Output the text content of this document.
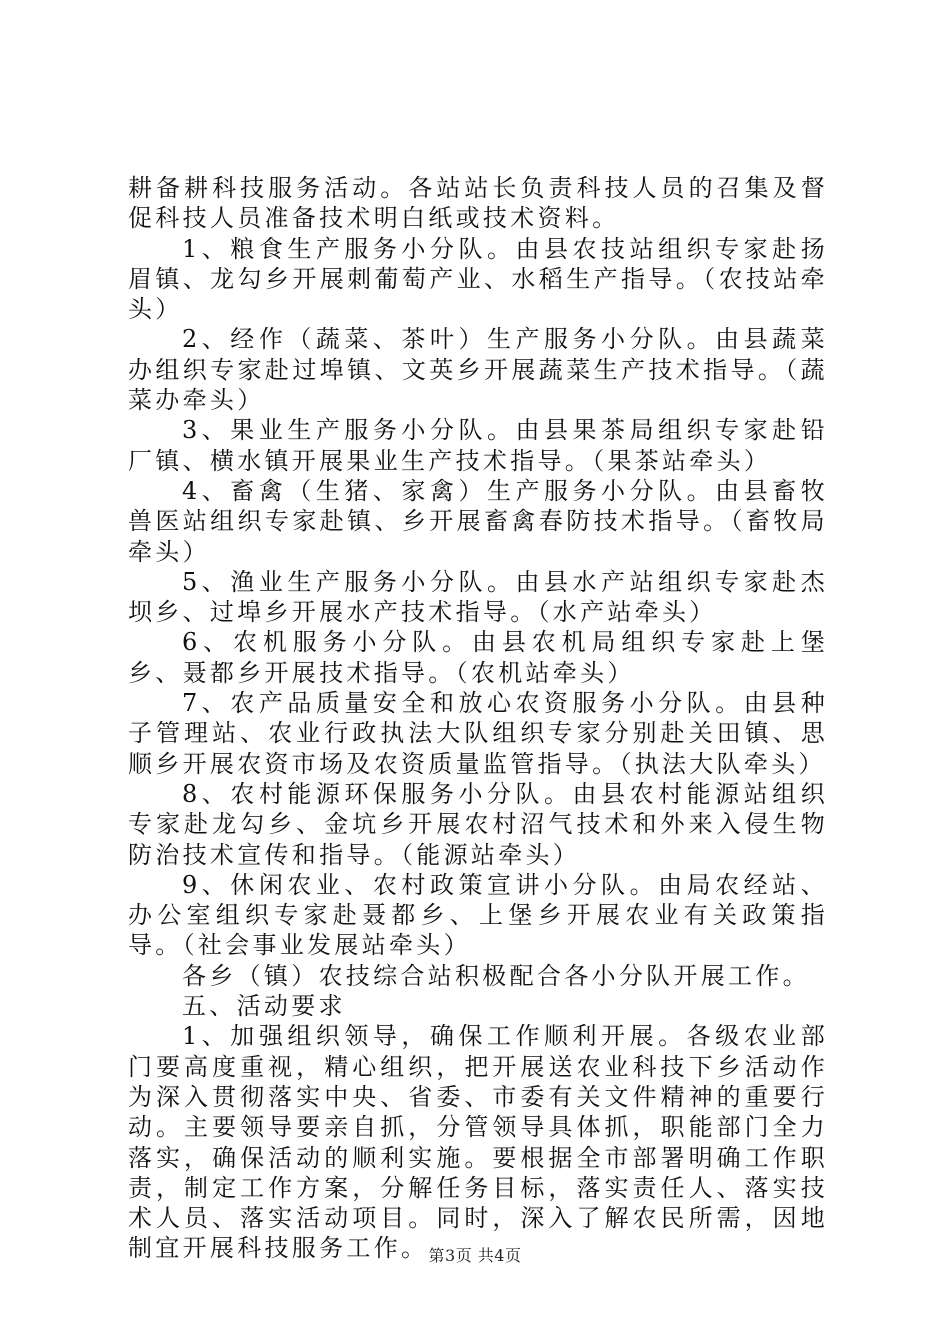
耕备耕科技服务活动。各站站长负责科技人员的召集及督促科技人员准备技术明白纸或技术资料。

1、粮食生产服务小分队。由县农技站组织专家赴扬眉镇、龙勾乡开展刺葡萄产业、水稻生产指导。（农技站牵头）

2、经作（蔬菜、茶叶）生产服务小分队。由县蔬菜办组织专家赴过埠镇、文英乡开展蔬菜生产技术指导。（蔬菜办牵头）

3、果业生产服务小分队。由县果茶局组织专家赴铅厂镇、横水镇开展果业生产技术指导。（果茶站牵头）

4、畜禽（生猪、家禽）生产服务小分队。由县畜牧兽医站组织专家赴镇、乡开展畜禽春防技术指导。（畜牧局牵头）

5、渔业生产服务小分队。由县水产站组织专家赴杰坝乡、过埠乡开展水产技术指导。（水产站牵头）

6、农机服务小分队。由县农机局组织专家赴上堡乡、聂都乡开展技术指导。（农机站牵头）

7、农产品质量安全和放心农资服务小分队。由县种子管理站、农业行政执法大队组织专家分别赴关田镇、思顺乡开展农资市场及农资质量监管指导。（执法大队牵头）

8、农村能源环保服务小分队。由县农村能源站组织专家赴龙勾乡、金坑乡开展农村沼气技术和外来入侵生物防治技术宣传和指导。（能源站牵头）

9、休闲农业、农村政策宣讲小分队。由局农经站、办公室组织专家赴聂都乡、上堡乡开展农业有关政策指导。（社会事业发展站牵头）

各乡（镇）农技综合站积极配合各小分队开展工作。

五、活动要求

1、加强组织领导，确保工作顺利开展。各级农业部门要高度重视，精心组织，把开展送农业科技下乡活动作为深入贯彻落实中央、省委、市委有关文件精神的重要行动。主要领导要亲自抓，分管领导具体抓，职能部门全力落实，确保活动的顺利实施。要根据全市部署明确工作职责，制定工作方案，分解任务目标，落实责任人、落实技术人员、落实活动项目。同时，深入了解农民所需，因地制宜开展科技服务工作。 第3页 共4页
